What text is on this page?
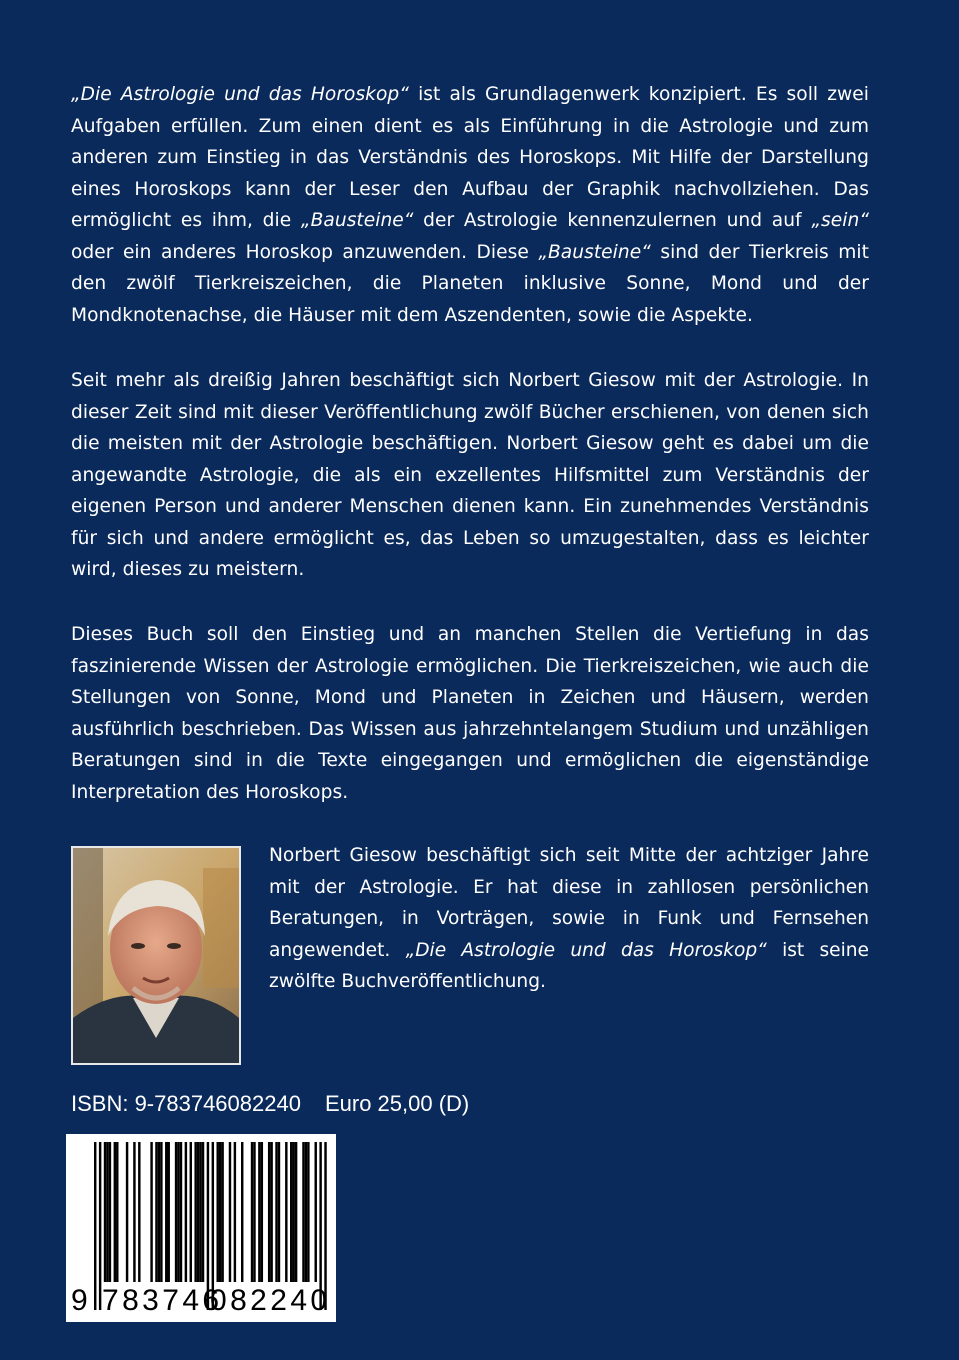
„Die Astrologie und das Horoskop“ ist als Grundlagenwerk konzipiert. Es soll zwei Aufgaben erfüllen. Zum einen dient es als Einführung in die Astrologie und zum anderen zum Einstieg in das Verständnis des Horoskops. Mit Hilfe der Darstellung eines Horoskops kann der Leser den Aufbau der Graphik nachvollziehen. Das ermöglicht es ihm, die „Bausteine“ der Astrologie kennenzulernen und auf „sein“ oder ein anderes Horoskop anzuwenden. Diese „Bausteine“ sind der Tierkreis mit den zwölf Tierkreiszeichen, die Planeten inklusive Sonne, Mond und der Mondknotenachse, die Häuser mit dem Aszendenten, sowie die Aspekte.

Seit mehr als dreißig Jahren beschäftigt sich Norbert Giesow mit der Astrologie. In dieser Zeit sind mit dieser Veröffentlichung zwölf Bücher erschienen, von denen sich die meisten mit der Astrologie beschäftigen. Norbert Giesow geht es dabei um die angewandte Astrologie, die als ein exzellentes Hilfsmittel zum Verständnis der eigenen Person und anderer Menschen dienen kann. Ein zunehmendes Verständnis für sich und andere ermöglicht es, das Leben so umzugestalten, dass es leichter wird, dieses zu meistern.

Dieses Buch soll den Einstieg und an manchen Stellen die Vertiefung in das faszinierende Wissen der Astrologie ermöglichen. Die Tierkreiszeichen, wie auch die Stellungen von Sonne, Mond und Planeten in Zeichen und Häusern, werden ausführlich beschrieben. Das Wissen aus jahrzehntelangem Studium und unzähligen Beratungen sind in die Texte eingegangen und ermöglichen die eigenständige Interpretation des Horoskops.

Norbert Giesow beschäftigt sich seit Mitte der achtziger Jahre mit der Astrologie. Er hat diese in zahllosen persönlichen Beratungen, in Vorträgen, sowie in Funk und Fernsehen angewendet. „Die Astrologie und das Horoskop“ ist seine zwölfte Buchveröffentlichung.

ISBN: 9-783746082240 Euro 25,00 (D)
9 783746
082240
